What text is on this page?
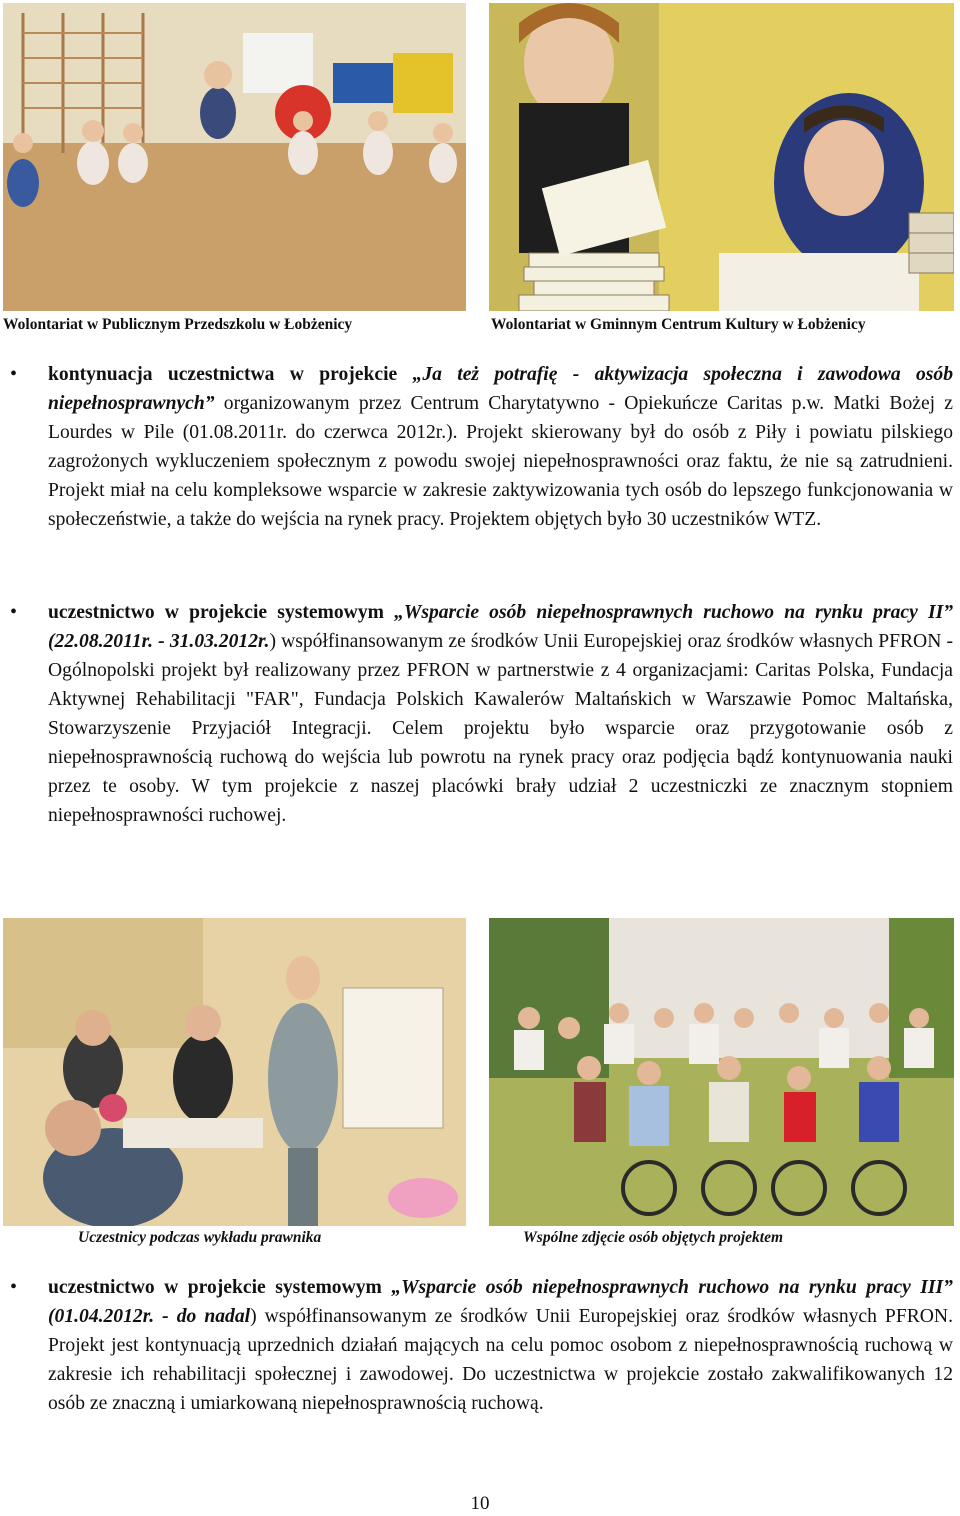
Wolontariat w Publicznym Przedszkolu w Łobżenicy	Wolontariat w Gminnym Centrum Kultury w Łobżenicy
• kontynuacja uczestnictwa w projekcie „Ja też potrafię - aktywizacja społeczna i zawodowa osób niepełnosprawnych” organizowanym przez Centrum Charytatywno - Opiekuńcze Caritas p.w. Matki Bożej z Lourdes w Pile (01.08.2011r. do czerwca 2012r.). Projekt skierowany był do osób z Piły i powiatu pilskiego zagrożonych wykluczeniem społecznym z powodu swojej niepełnosprawności oraz faktu, że nie są zatrudnieni. Projekt miał na celu kompleksowe wsparcie w zakresie zaktywizowania tych osób do lepszego funkcjonowania w społeczeństwie, a także do wejścia na rynek pracy. Projektem objętych było 30 uczestników WTZ.
• uczestnictwo w projekcie systemowym „Wsparcie osób niepełnosprawnych ruchowo na rynku pracy II” (22.08.2011r. - 31.03.2012r.) współfinansowanym ze środków Unii Europejskiej oraz środków własnych PFRON - Ogólnopolski projekt był realizowany przez PFRON w partnerstwie z 4 organizacjami: Caritas Polska, Fundacja Aktywnej Rehabilitacji "FAR", Fundacja Polskich Kawalerów Maltańskich w Warszawie Pomoc Maltańska, Stowarzyszenie Przyjaciół Integracji. Celem projektu było wsparcie oraz przygotowanie osób z niepełnosprawnością ruchową do wejścia lub powrotu na rynek pracy oraz podjęcia bądź kontynuowania nauki przez te osoby. W tym projekcie z naszej placówki brały udział 2 uczestniczki ze znacznym stopniem niepełnosprawności ruchowej.
Uczestnicy podczas wykładu prawnika	Wspólne zdjęcie osób objętych projektem
• uczestnictwo w projekcie systemowym „Wsparcie osób niepełnosprawnych ruchowo na rynku pracy III” (01.04.2012r. - do nadal) współfinansowanym ze środków Unii Europejskiej oraz środków własnych PFRON. Projekt jest kontynuacją uprzednich działań mających na celu pomoc osobom z niepełnosprawnością ruchową w zakresie ich rehabilitacji społecznej i zawodowej. Do uczestnictwa w projekcie zostało zakwalifikowanych 12 osób ze znaczną i umiarkowaną niepełnosprawnością ruchową.
10
